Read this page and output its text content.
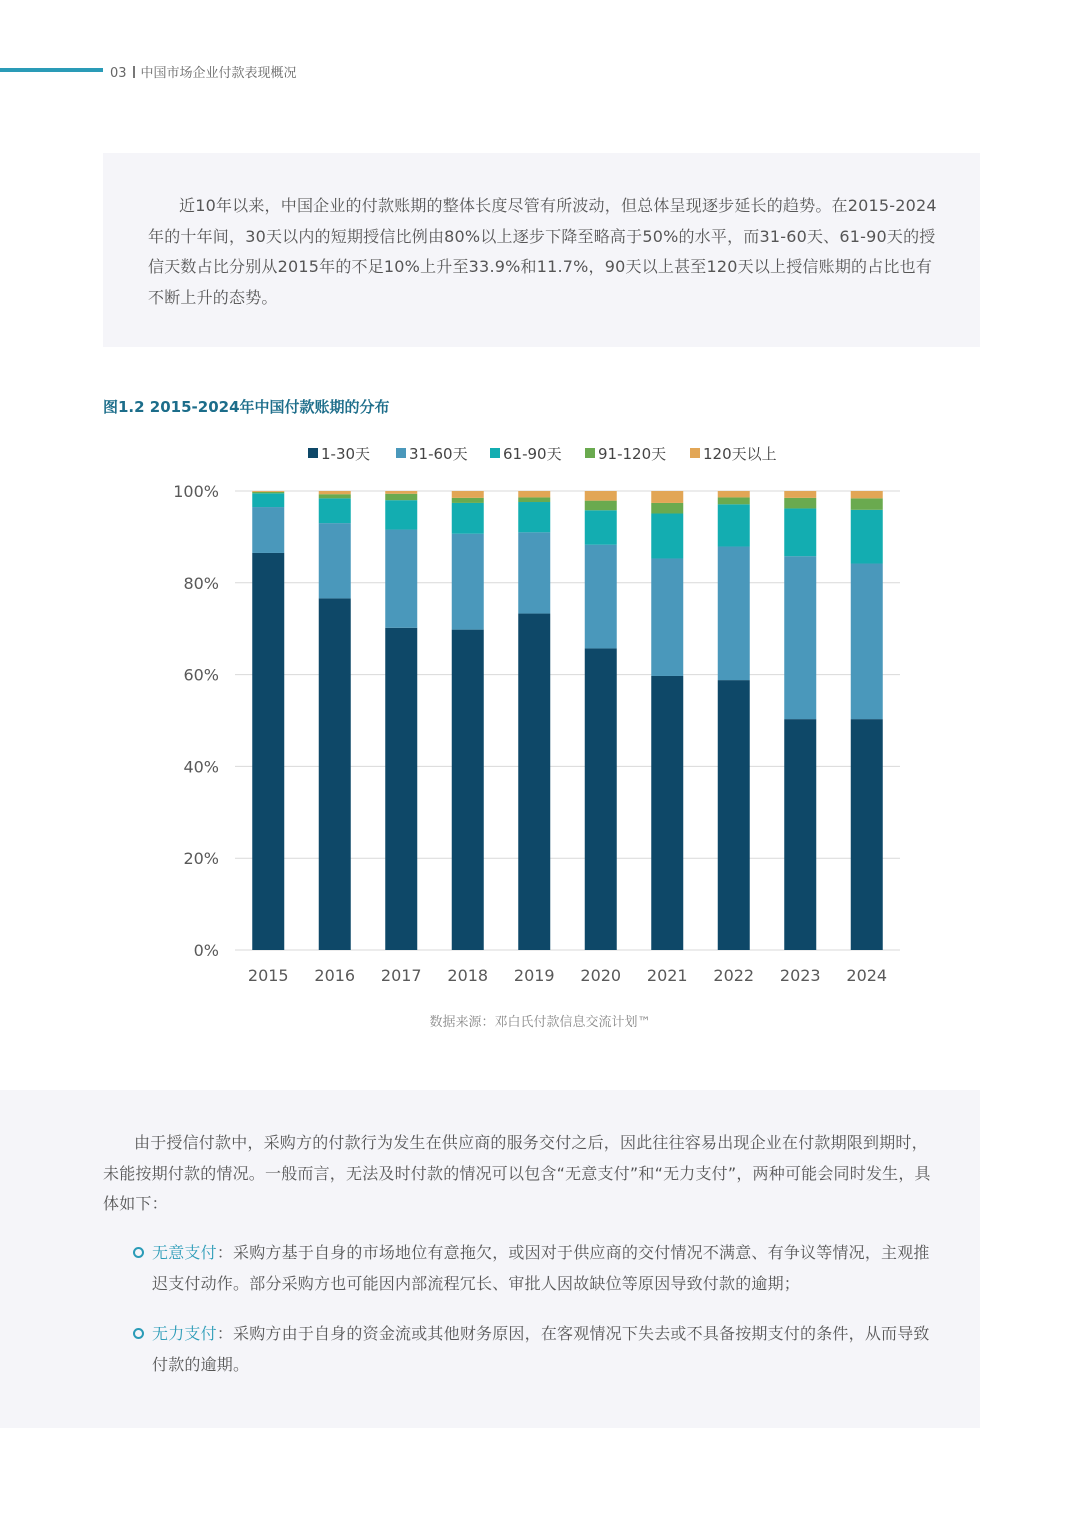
03 中国市场企业付款表现概况

近10年以来，中国企业的付款账期的整体长度尽管有所波动，但总体呈现逐步延长的趋势。在2015-2024年的十年间，30天以内的短期授信比例由80%以上逐步下降至略高于50%的水平，而31-60天、61-90天的授信天数占比分别从2015年的不足10%上升至33.9%和11.7%，90天以上甚至120天以上授信账期的占比也有不断上升的态势。

图1.2 2015-2024年中国付款账期的分布
0%
20%
40%
60%
80%
100%
2015 2016 2017 2018 2019 2020 2021 2022 2023 2024
1-30天	31-60天 61-90天 91-120天 120天以上
数据来源：邓白氏付款信息交流计划™

由于授信付款中，采购方的付款行为发生在供应商的服务交付之后，因此往往容易出现企业在付款期限到期时，未能按期付款的情况。一般而言，无法及时付款的情况可以包含“无意支付”和“无力支付”，两种可能会同时发生，具体如下：

无意支付：采购方基于自身的市场地位有意拖欠，或因对于供应商的交付情况不满意、有争议等情况，主观推迟支付动作。部分采购方也可能因内部流程冗长、审批人因故缺位等原因导致付款的逾期；

无力支付：采购方由于自身的资金流或其他财务原因，在客观情况下失去或不具备按期支付的条件，从而导致付款的逾期。
